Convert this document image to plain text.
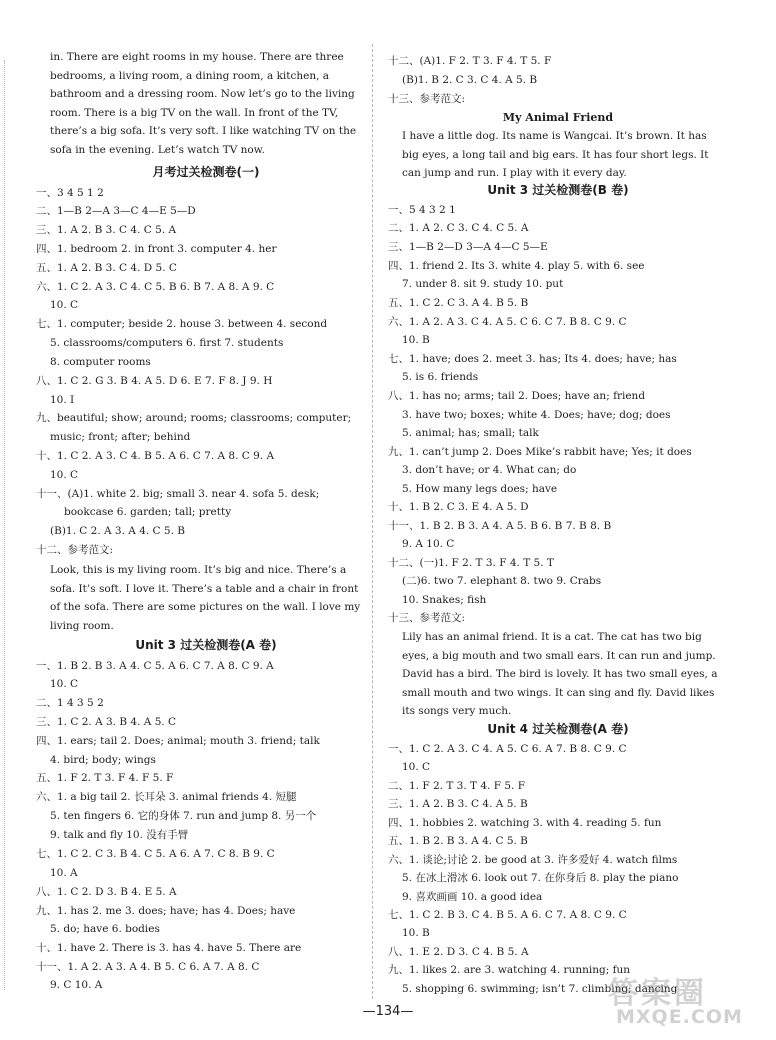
in. There are eight rooms in my house. There are three bedrooms, a living room, a dining room, a kitchen, a bathroom and a dressing room. Now let’s go to the living room. There is a big TV on the wall. In front of the TV, there’s a big sofa. It’s very soft. I like watching TV on the sofa in the evening. Let’s watch TV now.
月考过关检测卷(一)
一、3 4 5 1 2
二、1—B 2—A 3—C 4—E 5—D
三、1. A 2. B 3. C 4. C 5. A
四、1. bedroom 2. in front 3. computer 4. her
五、1. A 2. B 3. C 4. D 5. C
六、1. C 2. A 3. C 4. C 5. B 6. B 7. A 8. A 9. C
10. C
七、1. computer; beside 2. house 3. between 4. second
5. classrooms/computers 6. first 7. students
8. computer rooms
八、1. C 2. G 3. B 4. A 5. D 6. E 7. F 8. J 9. H
10. I
九、beautiful; show; around; rooms; classrooms; computer;
music; front; after; behind
十、1. C 2. A 3. C 4. B 5. A 6. C 7. A 8. C 9. A
10. C
十一、(A)1. white 2. big; small 3. near 4. sofa 5. desk;
bookcase 6. garden; tall; pretty
(B)1. C 2. A 3. A 4. C 5. B
十二、参考范文:
Look, this is my living room. It’s big and nice. There’s a sofa. It’s soft. I love it. There’s a table and a chair in front of the sofa. There are some pictures on the wall. I love my living room.
Unit 3 过关检测卷(A 卷)
一、1. B 2. B 3. A 4. C 5. A 6. C 7. A 8. C 9. A
10. C
二、1 4 3 5 2
三、1. C 2. A 3. B 4. A 5. C
四、1. ears; tail 2. Does; animal; mouth 3. friend; talk
4. bird; body; wings
五、1. F 2. T 3. F 4. F 5. F
六、1. a big tail 2. 长耳朵 3. animal friends 4. 短腿
5. ten fingers 6. 它的身体 7. run and jump 8. 另一个
9. talk and fly 10. 没有手臂
七、1. C 2. C 3. B 4. C 5. A 6. A 7. C 8. B 9. C
10. A
八、1. C 2. D 3. B 4. E 5. A
九、1. has 2. me 3. does; have; has 4. Does; have
5. do; have 6. bodies
十、1. have 2. There is 3. has 4. have 5. There are
十一、1. A 2. A 3. A 4. B 5. C 6. A 7. A 8. C
9. C 10. A
十二、(A)1. F 2. T 3. F 4. T 5. F
(B)1. B 2. C 3. C 4. A 5. B
十三、参考范文:
My Animal Friend
I have a little dog. Its name is Wangcai. It’s brown. It has big eyes, a long tail and big ears. It has four short legs. It can jump and run. I play with it every day.
Unit 3 过关检测卷(B 卷)
一、5 4 3 2 1
二、1. A 2. C 3. C 4. C 5. A
三、1—B 2—D 3—A 4—C 5—E
四、1. friend 2. Its 3. white 4. play 5. with 6. see
7. under 8. sit 9. study 10. put
五、1. C 2. C 3. A 4. B 5. B
六、1. A 2. A 3. C 4. A 5. C 6. C 7. B 8. C 9. C
10. B
七、1. have; does 2. meet 3. has; Its 4. does; have; has
5. is 6. friends
八、1. has no; arms; tail 2. Does; have an; friend
3. have two; boxes; white 4. Does; have; dog; does
5. animal; has; small; talk
九、1. can’t jump 2. Does Mike’s rabbit have; Yes; it does
3. don’t have; or 4. What can; do
5. How many legs does; have
十、1. B 2. C 3. E 4. A 5. D
十一、1. B 2. B 3. A 4. A 5. B 6. B 7. B 8. B
9. A 10. C
十二、(一)1. F 2. T 3. F 4. T 5. T
(二)6. two 7. elephant 8. two 9. Crabs
10. Snakes; fish
十三、参考范文:
Lily has an animal friend. It is a cat. The cat has two big eyes, a big mouth and two small ears. It can run and jump. David has a bird. The bird is lovely. It has two small eyes, a small mouth and two wings. It can sing and fly. David likes its songs very much.
Unit 4 过关检测卷(A 卷)
一、1. C 2. A 3. C 4. A 5. C 6. A 7. B 8. C 9. C
10. C
二、1. F 2. T 3. T 4. F 5. F
三、1. A 2. B 3. C 4. A 5. B
四、1. hobbies 2. watching 3. with 4. reading 5. fun
五、1. B 2. B 3. A 4. C 5. B
六、1. 谈论;讨论 2. be good at 3. 许多爱好 4. watch films
5. 在冰上滑冰 6. look out 7. 在你身后 8. play the piano
9. 喜欢画画 10. a good idea
七、1. C 2. B 3. C 4. B 5. A 6. C 7. A 8. C 9. C
10. B
八、1. E 2. D 3. C 4. B 5. A
九、1. likes 2. are 3. watching 4. running; fun
5. shopping 6. swimming; isn’t 7. climbing; dancing
—134—
答案圈
MXQE.COM
